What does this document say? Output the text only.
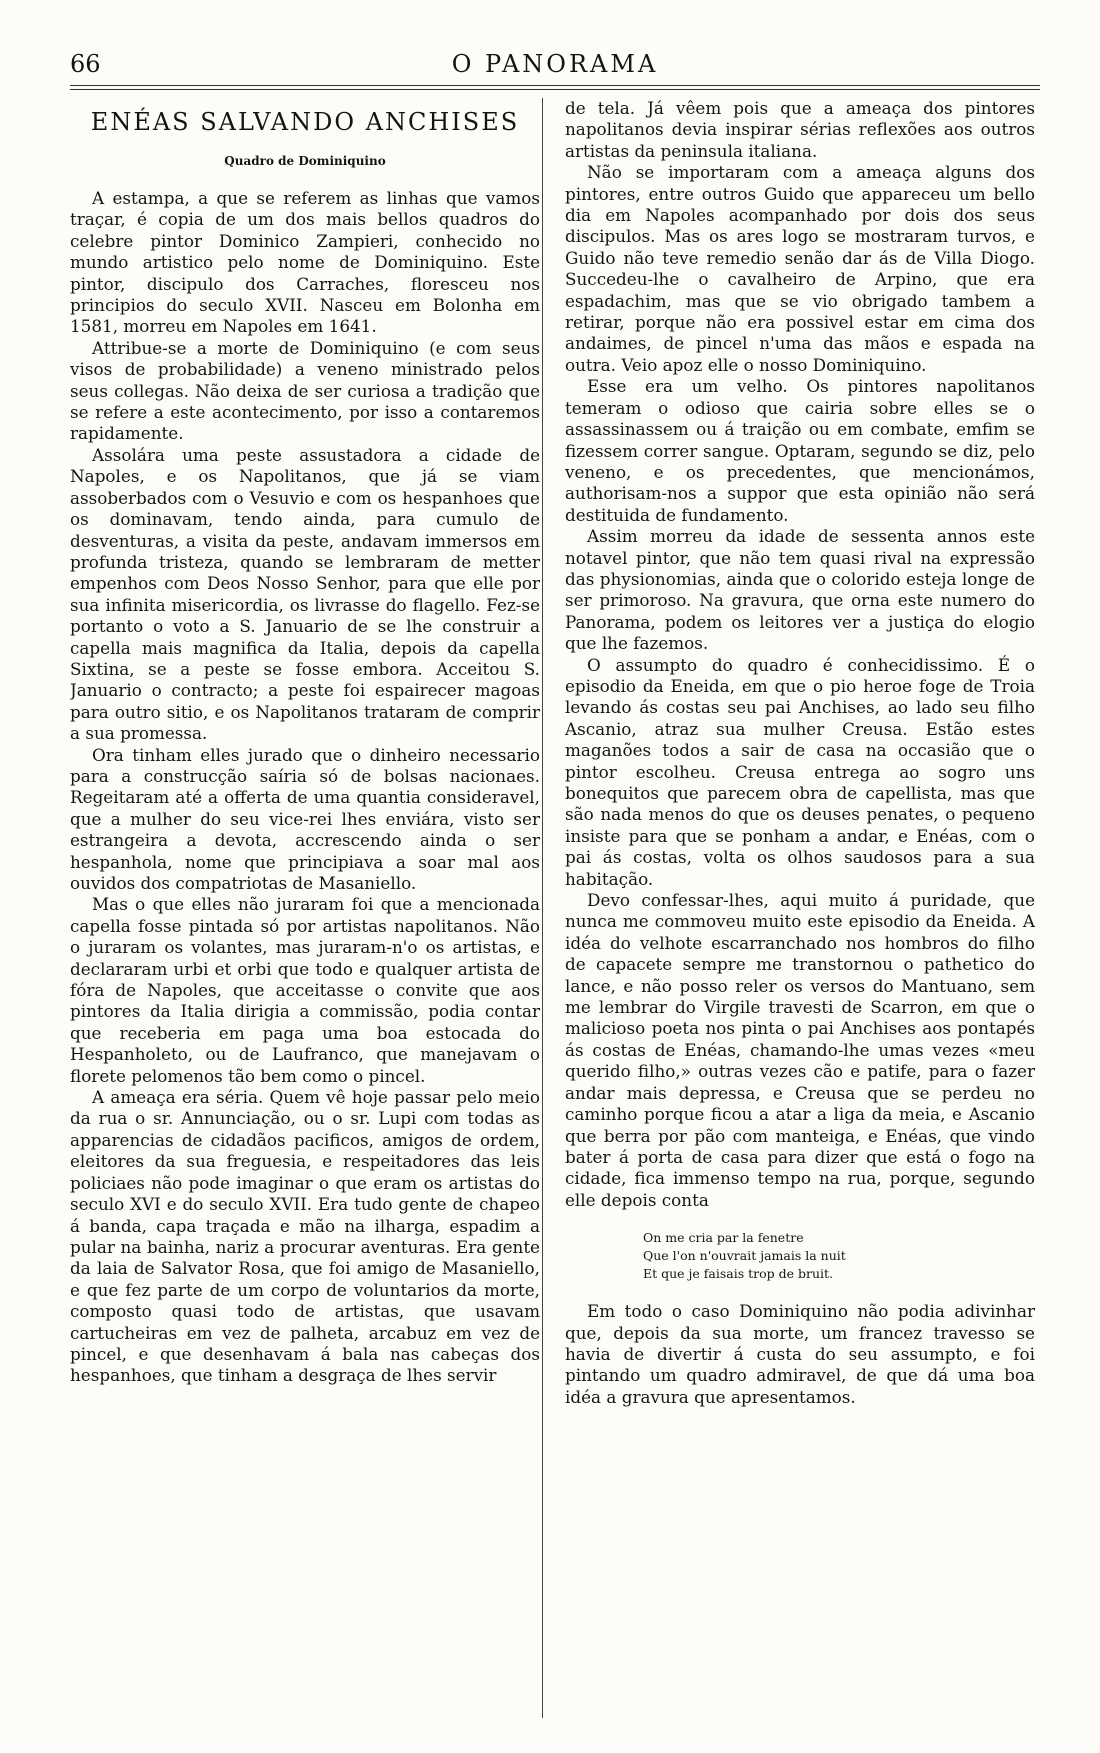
66	O PANORAMA
ENÉAS SALVANDO ANCHISES
Quadro de Dominiquino

A estampa, a que se referem as linhas que vamos traçar, é copia de um dos mais bellos quadros do celebre pintor Dominico Zampieri, conhecido no mundo artistico pelo nome de Dominiquino. Este pintor, discipulo dos Carraches, floresceu nos principios do seculo XVII. Nasceu em Bolonha em 1581, morreu em Napoles em 1641.

Attribue-se a morte de Dominiquino (e com seus visos de probabilidade) a veneno ministrado pelos seus collegas. Não deixa de ser curiosa a tradição que se refere a este acontecimento, por isso a contaremos rapidamente.

Assolára uma peste assustadora a cidade de Napoles, e os Napolitanos, que já se viam assoberbados com o Vesuvio e com os hespanhoes que os dominavam, tendo ainda, para cumulo de desventuras, a visita da peste, andavam immersos em profunda tristeza, quando se lembraram de metter empenhos com Deos Nosso Senhor, para que elle por sua infinita misericordia, os livrasse do flagello. Fez-se portanto o voto a S. Januario de se lhe construir a capella mais magnifica da Italia, depois da capella Sixtina, se a peste se fosse embora. Acceitou S. Januario o contracto; a peste foi espairecer magoas para outro sitio, e os Napolitanos trataram de comprir a sua promessa.

Ora tinham elles jurado que o dinheiro necessario para a construcção saíria só de bolsas nacionaes. Regeitaram até a offerta de uma quantia consideravel, que a mulher do seu vice-rei lhes enviára, visto ser estrangeira a devota, accrescendo ainda o ser hespanhola, nome que principiava a soar mal aos ouvidos dos compatriotas de Masaniello.

Mas o que elles não juraram foi que a mencionada capella fosse pintada só por artistas napolitanos. Não o juraram os volantes, mas juraram-n'o os artistas, e declararam urbi et orbi que todo e qualquer artista de fóra de Napoles, que acceitasse o convite que aos pintores da Italia dirigia a commissão, podia contar que receberia em paga uma boa estocada do Hespanholeto, ou de Laufranco, que manejavam o florete pelomenos tão bem como o pincel.

A ameaça era séria. Quem vê hoje passar pelo meio da rua o sr. Annunciação, ou o sr. Lupi com todas as apparencias de cidadãos pacificos, amigos de ordem, eleitores da sua freguesia, e respeitadores das leis policiaes não pode imaginar o que eram os artistas do seculo XVI e do seculo XVII. Era tudo gente de chapeo á banda, capa traçada e mão na ilharga, espadim a pular na bainha, nariz a procurar aventuras. Era gente da laia de Salvator Rosa, que foi amigo de Masaniello, e que fez parte de um corpo de voluntarios da morte, composto quasi todo de artistas, que usavam cartucheiras em vez de palheta, arcabuz em vez de pincel, e que desenhavam á bala nas cabeças dos hespanhoes, que tinham a desgraça de lhes servir

de tela. Já vêem pois que a ameaça dos pintores napolitanos devia inspirar sérias reflexões aos outros artistas da peninsula italiana.

Não se importaram com a ameaça alguns dos pintores, entre outros Guido que appareceu um bello dia em Napoles acompanhado por dois dos seus discipulos. Mas os ares logo se mostraram turvos, e Guido não teve remedio senão dar ás de Villa Diogo. Succedeu-lhe o cavalheiro de Arpino, que era espadachim, mas que se vio obrigado tambem a retirar, porque não era possivel estar em cima dos andaimes, de pincel n'uma das mãos e espada na outra. Veio apoz elle o nosso Dominiquino.

Esse era um velho. Os pintores napolitanos temeram o odioso que cairia sobre elles se o assassinassem ou á traição ou em combate, emfim se fizessem correr sangue. Optaram, segundo se diz, pelo veneno, e os precedentes, que mencionámos, authorisam-nos a suppor que esta opinião não será destituida de fundamento.

Assim morreu da idade de sessenta annos este notavel pintor, que não tem quasi rival na expressão das physionomias, ainda que o colorido esteja longe de ser primoroso. Na gravura, que orna este numero do Panorama, podem os leitores ver a justiça do elogio que lhe fazemos.

O assumpto do quadro é conhecidissimo. É o episodio da Eneida, em que o pio heroe foge de Troia levando ás costas seu pai Anchises, ao lado seu filho Ascanio, atraz sua mulher Creusa. Estão estes maganões todos a sair de casa na occasião que o pintor escolheu. Creusa entrega ao sogro uns bonequitos que parecem obra de capellista, mas que são nada menos do que os deuses penates, o pequeno insiste para que se ponham a andar, e Enéas, com o pai ás costas, volta os olhos saudosos para a sua habitação.

Devo confessar-lhes, aqui muito á puridade, que nunca me commoveu muito este episodio da Eneida. A idéa do velhote escarranchado nos hombros do filho de capacete sempre me transtornou o pathetico do lance, e não posso reler os versos do Mantuano, sem me lembrar do Virgile travesti de Scarron, em que o malicioso poeta nos pinta o pai Anchises aos pontapés ás costas de Enéas, chamando-lhe umas vezes «meu querido filho,» outras vezes cão e patife, para o fazer andar mais depressa, e Creusa que se perdeu no caminho porque ficou a atar a liga da meia, e Ascanio que berra por pão com manteiga, e Enéas, que vindo bater á porta de casa para dizer que está o fogo na cidade, fica immenso tempo na rua, porque, segundo elle depois conta

On me cria par la fenetre
Que l'on n'ouvrait jamais la nuit
Et que je faisais trop de bruit.

Em todo o caso Dominiquino não podia adivinhar que, depois da sua morte, um francez travesso se havia de divertir á custa do seu assumpto, e foi pintando um quadro admiravel, de que dá uma boa idéa a gravura que apresentamos.
